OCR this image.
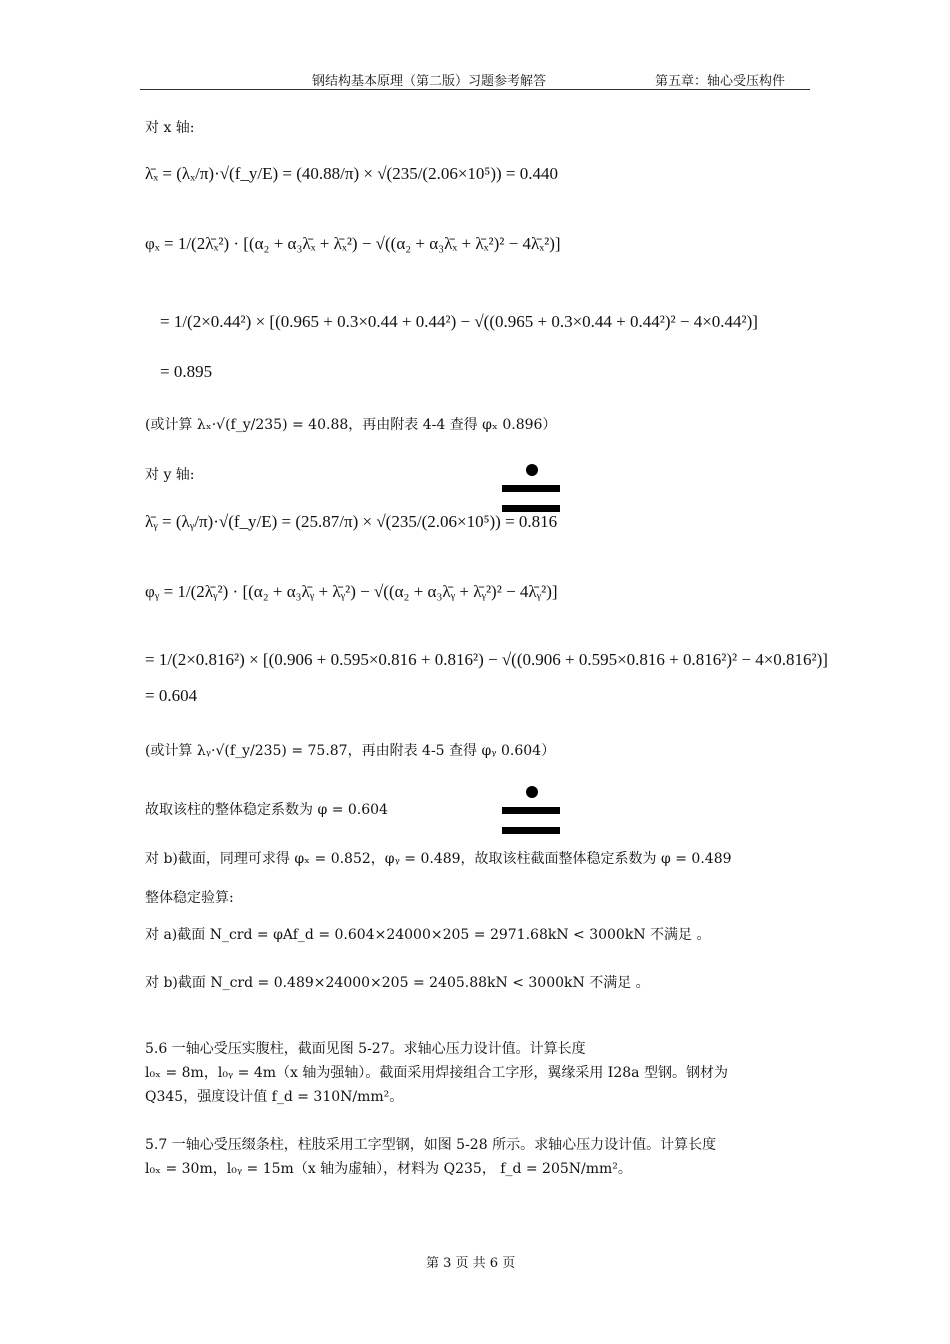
钢结构基本原理（第二版）习题参考解答	第五章：轴心受压构件
对 x 轴:
λ̄ₓ = (λₓ/π)·√(f_y/E) = (40.88/π) × √(235/(2.06×10⁵)) = 0.440
φₓ = 1/(2λ̄ₓ²) · [(α₂ + α₃λ̄ₓ + λ̄ₓ²) − √((α₂ + α₃λ̄ₓ + λ̄ₓ²)² − 4λ̄ₓ²)]
= 1/(2×0.44²) × [(0.965 + 0.3×0.44 + 0.44²) − √((0.965 + 0.3×0.44 + 0.44²)² − 4×0.44²)]
= 0.895
(或计算 λₓ·√(f_y/235) = 40.88，再由附表 4-4 查得 φₓ 0.896）
对 y 轴:
λ̄ᵧ = (λᵧ/π)·√(f_y/E) = (25.87/π) × √(235/(2.06×10⁵)) = 0.816
φᵧ = 1/(2λ̄ᵧ²) · [(α₂ + α₃λ̄ᵧ + λ̄ᵧ²) − √((α₂ + α₃λ̄ᵧ + λ̄ᵧ²)² − 4λ̄ᵧ²)]
= 1/(2×0.816²) × [(0.906 + 0.595×0.816 + 0.816²) − √((0.906 + 0.595×0.816 + 0.816²)² − 4×0.816²)]
= 0.604
(或计算 λᵧ·√(f_y/235) = 75.87，再由附表 4-5 查得 φᵧ 0.604）
故取该柱的整体稳定系数为 φ = 0.604
对 b)截面，同理可求得 φₓ = 0.852，φᵧ = 0.489，故取该柱截面整体稳定系数为 φ = 0.489
整体稳定验算:
对 a)截面 N_crd = φAf_d = 0.604×24000×205 = 2971.68kN < 3000kN 不满足 。
对 b)截面 N_crd = 0.489×24000×205 = 2405.88kN < 3000kN 不满足 。
5.6 一轴心受压实腹柱，截面见图 5-27。求轴心压力设计值。计算长度
l₀ₓ = 8m，l₀ᵧ = 4m（x 轴为强轴）。截面采用焊接组合工字形，翼缘采用 I28a 型钢。钢材为
Q345，强度设计值 f_d = 310N/mm²。
5.7 一轴心受压缀条柱，柱肢采用工字型钢，如图 5-28 所示。求轴心压力设计值。计算长度
l₀ₓ = 30m，l₀ᵧ = 15m（x 轴为虚轴），材料为 Q235， f_d = 205N/mm²。
第 3 页 共 6 页
